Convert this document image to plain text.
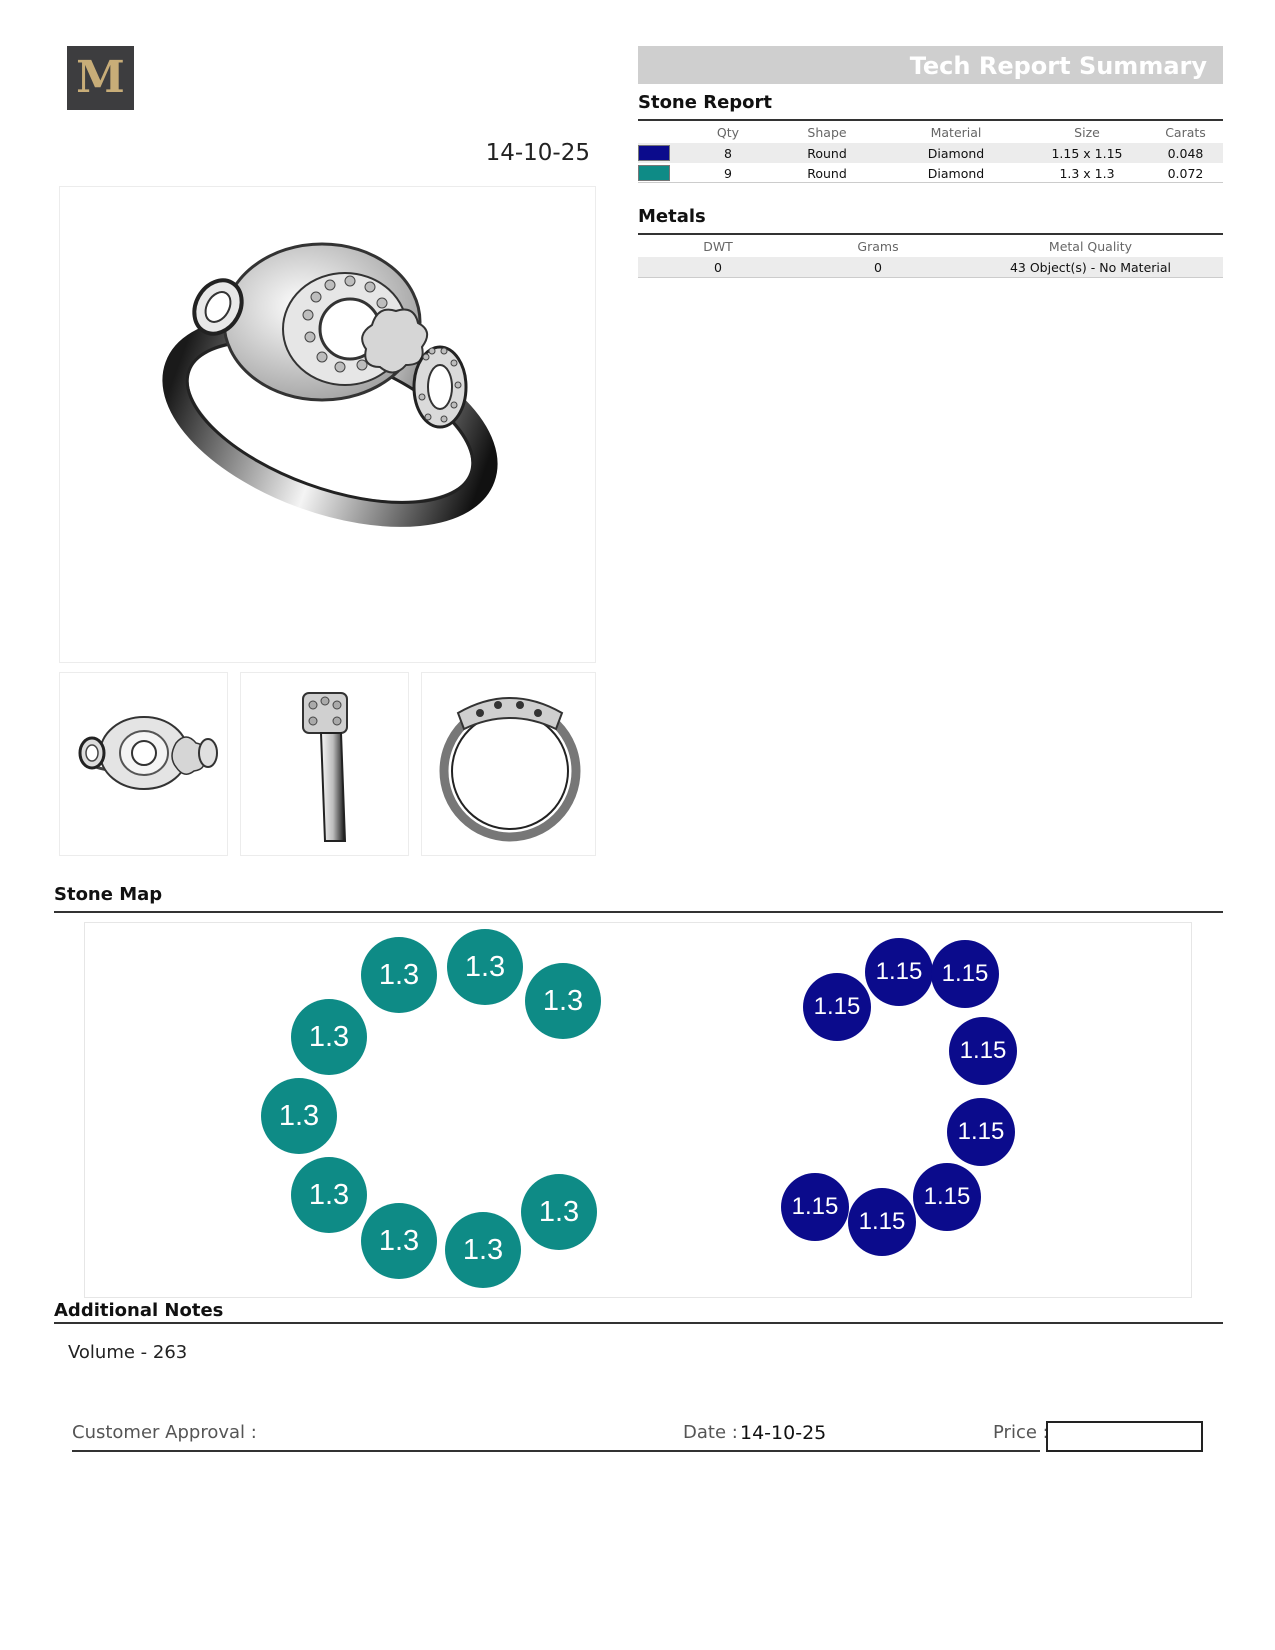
M
14-10-25
Tech Report Summary
Stone Report
	Qty	Shape	Material	Size	Carats
	8	Round	Diamond	1.15 x 1.15	0.048
	9	Round	Diamond	1.3 x 1.3	0.072
Metals
DWT	Grams	Metal Quality
0	0	43 Object(s) - No Material
Stone Map
1.3	1.3
1.3
1.3
1.3
1.3
1.3	1.3
1.3
1.15
1.15 1.15
1.15
1.15
1.15
1.15
1.15
Additional Notes
Volume - 263
Customer Approval :	Date : 14-10-25	Price :
